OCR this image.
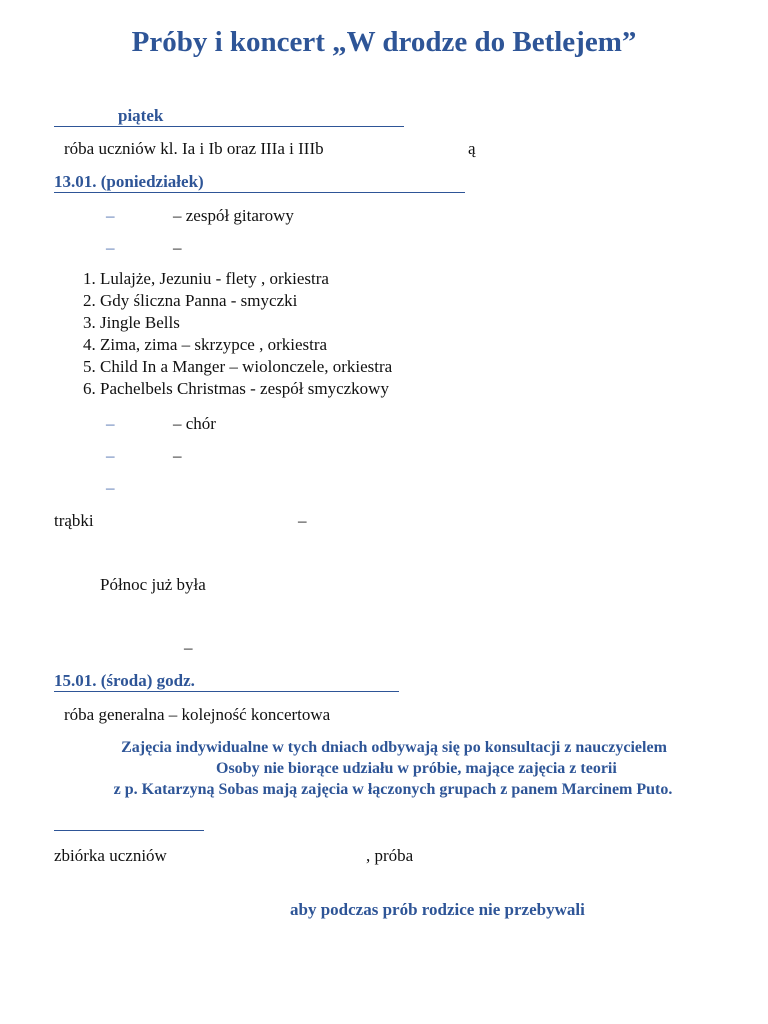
Próby i koncert „W drodze do Betlejem”
piątek
róba uczniów kl. Ia i Ib oraz IIIa i IIIb	ą
13.01. (poniedziałek)
–	– zespół gitarowy
–	–
1. Lulajże, Jezuniu - flety , orkiestra
2. Gdy śliczna Panna - smyczki
3. Jingle Bells
4. Zima, zima – skrzypce , orkiestra
5. Child In a Manger – wiolonczele, orkiestra
6. Pachelbels Christmas - zespół smyczkowy
–	– chór
–	–
–
trąbki	–
Północ już była
–
15.01. (środa) godz.
róba generalna – kolejność koncertowa
Zajęcia indywidualne w tych dniach odbywają się po konsultacji z nauczycielem
Osoby nie biorące udziału w próbie, mające zajęcia z teorii
z p. Katarzyną Sobas mają zajęcia w łączonych grupach z panem Marcinem Puto.
zbiórka uczniów	, próba
aby podczas prób rodzice nie przebywali
